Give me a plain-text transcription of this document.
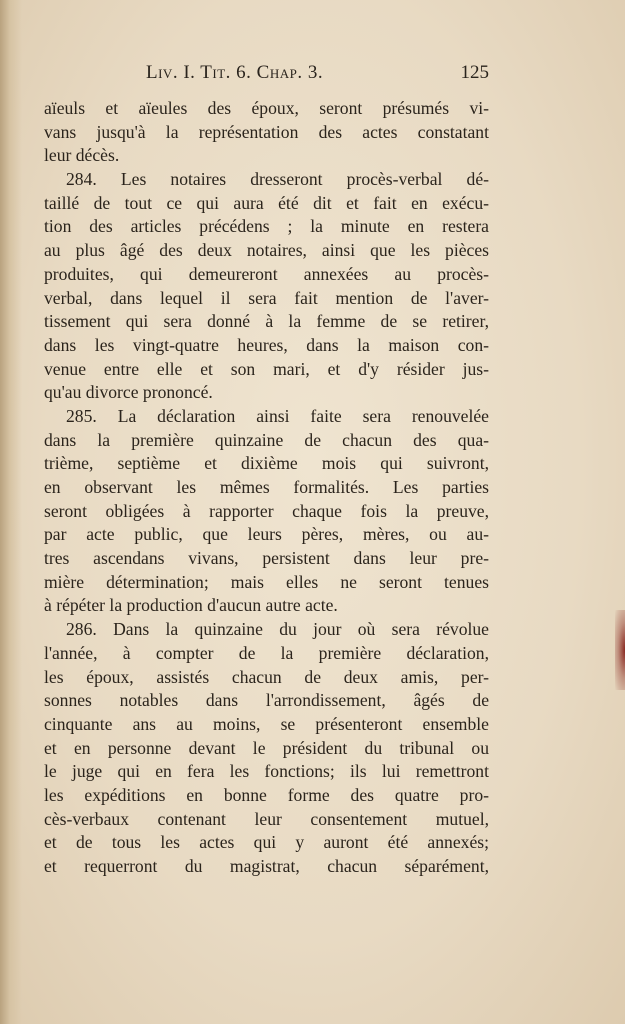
Liv. I. Tit. 6. Chap. 3.	125
aïeuls et aïeules des époux, seront présumés vi-
vans jusqu'à la représentation des actes constatant
leur décès.
284. Les notaires dresseront procès-verbal dé-
taillé de tout ce qui aura été dit et fait en exécu-
tion des articles précédens ; la minute en restera
au plus âgé des deux notaires, ainsi que les pièces
produites, qui demeureront annexées au procès-
verbal, dans lequel il sera fait mention de l'aver-
tissement qui sera donné à la femme de se retirer,
dans les vingt-quatre heures, dans la maison con-
venue entre elle et son mari, et d'y résider jus-
qu'au divorce prononcé.
285. La déclaration ainsi faite sera renouvelée
dans la première quinzaine de chacun des qua-
trième, septième et dixième mois qui suivront,
en observant les mêmes formalités. Les parties
seront obligées à rapporter chaque fois la preuve,
par acte public, que leurs pères, mères, ou au-
tres ascendans vivans, persistent dans leur pre-
mière détermination; mais elles ne seront tenues
à répéter la production d'aucun autre acte.
286. Dans la quinzaine du jour où sera révolue
l'année, à compter de la première déclaration,
les époux, assistés chacun de deux amis, per-
sonnes notables dans l'arrondissement, âgés de
cinquante ans au moins, se présenteront ensemble
et en personne devant le président du tribunal ou
le juge qui en fera les fonctions; ils lui remettront
les expéditions en bonne forme des quatre pro-
cès-verbaux contenant leur consentement mutuel,
et de tous les actes qui y auront été annexés;
et requerront du magistrat, chacun séparément,
